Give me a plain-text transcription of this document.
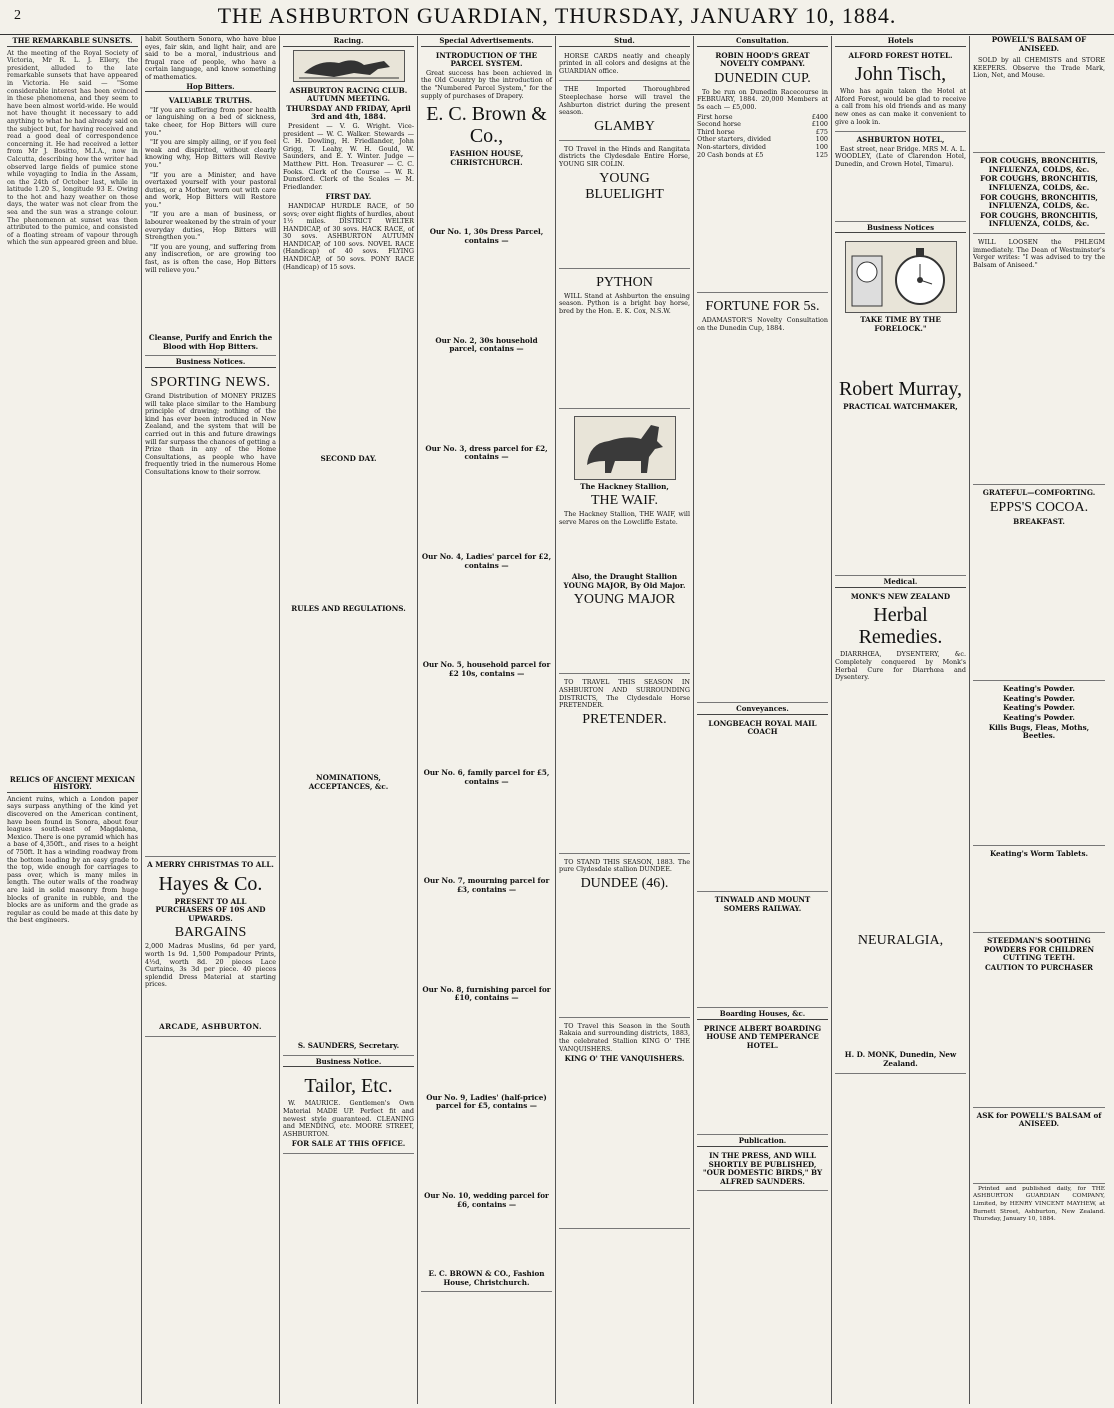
2	THE ASHBURTON GUARDIAN, THURSDAY, JANUARY 10, 1884.
THE REMARKABLE SUNSETS.
At the meeting of the Royal Society of Victoria, Mr R. L. J. Ellery, the president, alluded to the late remarkable sunsets that have appeared in Victoria. He said — "Some considerable interest has been evinced in these phenomena, and they seem to have been almost world-wide. He would not have thought it necessary to add anything to what he had already said on the subject but, for having received and read a good deal of correspondence concerning it. He had received a letter from Mr J. Bositto, M.I.A., now in Calcutta, describing how the writer had observed large fields of pumice stone while voyaging to India in the Assam, on the 24th of October last, while in latitude 1.20 S., longitude 93 E. Owing to the hot and hazy weather on those days, the water was not clear from the sea and the sun was a strange colour. The phenomenon at sunset was then attributed to the pumice, and consisted of a floating stream of vapour through which the sun appeared green and blue.

RELICS OF ANCIENT MEXICAN HISTORY.
Ancient ruins, which a London paper says surpass anything of the kind yet discovered on the American continent, have been found in Sonora, about four leagues south-east of Magdalena, Mexico. There is one pyramid which has a base of 4,350ft., and rises to a height of 750ft. It has a winding roadway from the bottom leading by an easy grade to the top, wide enough for carriages to pass over, which is many miles in length. The outer walls of the roadway are laid in solid masonry from huge blocks of granite in rubble, and the blocks are as uniform and the grade as regular as could be made at this date by the best engineers.
habit Southern Sonora, who have blue eyes, fair skin, and light hair, and are said to be a moral, industrious and frugal race of people, who have a certain language, and know something of mathematics.
Hop Bitters.
VALUABLE TRUTHS.

"If you are suffering from poor health or languishing on a bed of sickness, take cheer, for Hop Bitters will cure you."

"If you are simply ailing, or if you feel weak and dispirited, without clearly knowing why, Hop Bitters will Revive you."

"If you are a Minister, and have overtaxed yourself with your pastoral duties, or a Mother, worn out with care and work, Hop Bitters will Restore you."

"If you are a man of business, or labourer weakened by the strain of your everyday duties, Hop Bitters will Strengthen you."

"If you are young, and suffering from any indiscretion, or are growing too fast, as is often the case, Hop Bitters will relieve you."

Cleanse, Purify and Enrich the Blood with Hop Bitters.
Business Notices.
SPORTING NEWS.
Grand Distribution of MONEY PRIZES will take place similar to the Hamburg principle of drawing; nothing of the kind has ever been introduced in New Zealand, and the system that will be carried out in this and future drawings will far surpass the chances of getting a Prize than in any of the Home Consultations, as people who have frequently tried in the numerous Home Consultations know to their sorrow.
A MERRY CHRISTMAS TO ALL.
Hayes & Co.
PRESENT TO ALL PURCHASERS OF 10S AND UPWARDS.
BARGAINS
2,000 Madras Muslins, 6d per yard, worth 1s 9d. 1,500 Pompadour Prints, 4½d, worth 8d. 20 pieces Lace Curtains, 3s 3d per piece. 40 pieces splendid Dress Material at starting prices.
ARCADE, ASHBURTON.
Racing.
ASHBURTON RACING CLUB. AUTUMN MEETING.
THURSDAY AND FRIDAY, April 3rd and 4th, 1884.

President — V. G. Wright. Vice-president — W. C. Walker. Stewards — C. H. Dowling, H. Friedlander, John Grigg, T. Leahy, W. H. Gould, W. Saunders, and E. Y. Winter. Judge — Matthew Pitt. Hon. Treasurer — C. C. Fooks. Clerk of the Course — W. R. Dunsford. Clerk of the Scales — M. Friedlander.

FIRST DAY.

HANDICAP HURDLE RACE, of 50 sovs; over eight flights of hurdles, about 1½ miles. DISTRICT WELTER HANDICAP, of 30 sovs. HACK RACE, of 30 sovs. ASHBURTON AUTUMN HANDICAP, of 100 sovs. NOVEL RACE (Handicap) of 40 sovs. FLYING HANDICAP, of 50 sovs. PONY RACE (Handicap) of 15 sovs.

SECOND DAY.
RULES AND REGULATIONS.
NOMINATIONS, ACCEPTANCES, &c.
S. SAUNDERS, Secretary.
Business Notice.
Tailor, Etc.

W. MAURICE. Gentlemen's Own Material MADE UP. Perfect fit and newest style guaranteed. CLEANING and MENDING, etc. MOORE STREET, ASHBURTON.

FOR SALE AT THIS OFFICE.
Special Advertisements.
INTRODUCTION OF THE PARCEL SYSTEM.

Great success has been achieved in the Old Country by the introduction of the "Numbered Parcel System," for the supply of purchases of Drapery.

E. C. Brown & Co.,
FASHION HOUSE, CHRISTCHURCH.
Our No. 1, 30s Dress Parcel, contains —
Our No. 2, 30s household parcel, contains —
Our No. 3, dress parcel for £2, contains —
Our No. 4, Ladies' parcel for £2, contains —
Our No. 5, household parcel for £2 10s, contains —
Our No. 6, family parcel for £5, contains —
Our No. 7, mourning parcel for £3, contains —
Our No. 8, furnishing parcel for £10, contains —
Our No. 9, Ladies' (half-price) parcel for £5, contains —
Our No. 10, wedding parcel for £6, contains —
E. C. BROWN & CO., Fashion House, Christchurch.
Stud.

HORSE CARDS neatly and cheaply printed in all colors and designs at the GUARDIAN office.

THE Imported Thoroughbred Steeplechase horse will travel the Ashburton district during the present season.

GLAMBY

TO Travel in the Hinds and Rangitata districts the Clydesdale Entire Horse, YOUNG SIR COLIN.

YOUNG BLUELIGHT
PYTHON

WILL Stand at Ashburton the ensuing season. Python is a bright bay horse, bred by the Hon. E. K. Cox, N.S.W.

The Hackney Stallion,
THE WAIF.

The Hackney Stallion, THE WAIF, will serve Mares on the Lowcliffe Estate.

Also, the Draught Stallion YOUNG MAJOR, By Old Major.
YOUNG MAJOR

TO TRAVEL THIS SEASON IN ASHBURTON AND SURROUNDING DISTRICTS, The Clydesdale Horse PRETENDER.

PRETENDER.

TO STAND THIS SEASON, 1883. The pure Clydesdale stallion DUNDEE.

DUNDEE (46).

TO Travel this Season in the South Rakaia and surrounding districts, 1883, the celebrated Stallion KING O' THE VANQUISHERS.

KING O' THE VANQUISHERS.
Consultation.
ROBIN HOOD'S GREAT NOVELTY COMPANY.
DUNEDIN CUP.

To be run on Dunedin Racecourse in FEBRUARY, 1884. 20,000 Members at 5s each — £5,000.

First horse	£400
Second horse	£100
Third horse	£75
Other starters, divided	100
Non-starters, divided	100
20 Cash bonds at £5	125
FORTUNE FOR 5s.

ADAMASTOR'S Novelty Consultation on the Dunedin Cup, 1884.

Conveyances.
LONGBEACH ROYAL MAIL COACH
TINWALD AND MOUNT SOMERS RAILWAY.
Boarding Houses, &c.
PRINCE ALBERT BOARDING HOUSE AND TEMPERANCE HOTEL.
Publication.
IN THE PRESS, AND WILL SHORTLY BE PUBLISHED, "OUR DOMESTIC BIRDS," BY ALFRED SAUNDERS.
Hotels
ALFORD FOREST HOTEL.
John Tisch,

Who has again taken the Hotel at Alford Forest, would be glad to receive a call from his old friends and as many new ones as can make it convenient to give a look in.

ASHBURTON HOTEL,

East street, near Bridge. MRS M. A. L. WOODLEY, (Late of Clarendon Hotel, Dunedin, and Crown Hotel, Timaru).

Business Notices
TAKE TIME BY THE FORELOCK."
Robert Murray,
PRACTICAL WATCHMAKER,
Medical.
MONK'S NEW ZEALAND
Herbal Remedies.

DIARRHŒA, DYSENTERY, &c. Completely conquered by Monk's Herbal Cure for Diarrhœa and Dysentery.

NEURALGIA,
H. D. MONK, Dunedin, New Zealand.
POWELL'S BALSAM OF ANISEED.

SOLD by all CHEMISTS and STORE KEEPERS. Observe the Trade Mark, Lion, Net, and Mouse.

FOR COUGHS, BRONCHITIS, INFLUENZA, COLDS, &c.
FOR COUGHS, BRONCHITIS, INFLUENZA, COLDS, &c.
FOR COUGHS, BRONCHITIS, INFLUENZA, COLDS, &c.
FOR COUGHS, BRONCHITIS, INFLUENZA, COLDS, &c.

WILL LOOSEN the PHLEGM immediately. The Dean of Westminster's Verger writes: "I was advised to try the Balsam of Aniseed."

GRATEFUL—COMFORTING.
EPPS'S COCOA.
BREAKFAST.
Keating's Powder.
Keating's Powder.
Keating's Powder.
Keating's Powder.
Kills Bugs, Fleas, Moths, Beetles.
Keating's Worm Tablets.
STEEDMAN'S SOOTHING POWDERS FOR CHILDREN CUTTING TEETH.
CAUTION TO PURCHASER
ASK for POWELL'S BALSAM of ANISEED.

Printed and published daily, for THE ASHBURTON GUARDIAN COMPANY, Limited, by HENRY VINCENT MAYHEW, at Burnett Street, Ashburton, New Zealand. Thursday, January 10, 1884.
